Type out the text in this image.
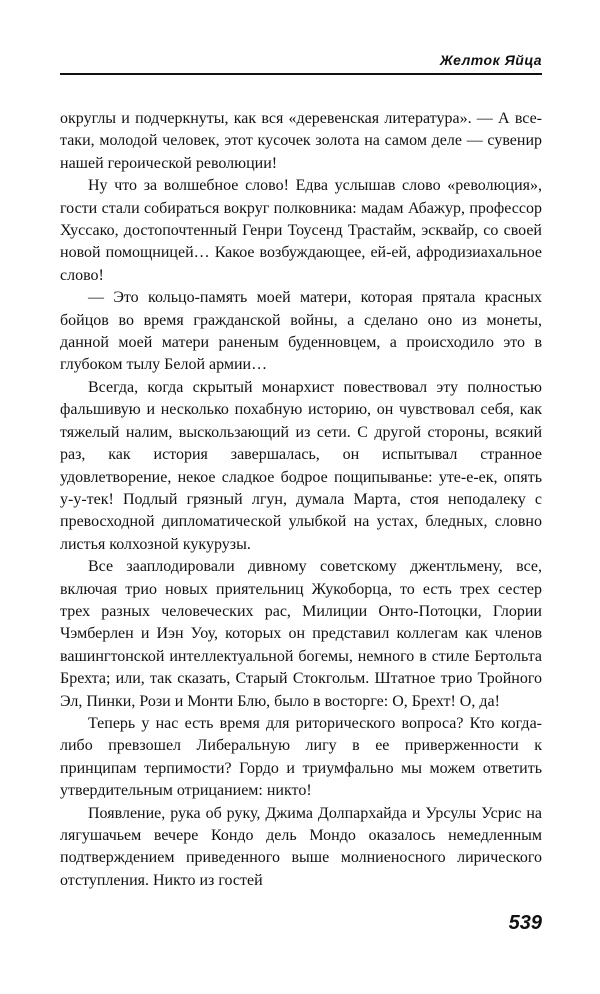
Желток Яйца

округлы и подчеркнуты, как вся «деревенская литература». — А все-таки, молодой человек, этот кусочек золота на самом деле — сувенир нашей героической революции!

Ну что за волшебное слово! Едва услышав слово «революция», гости стали собираться вокруг полковника: мадам Абажур, профессор Хуссако, достопочтенный Генри Тоусенд Трастайм, эсквайр, со своей новой помощницей… Какое возбуждающее, ей-ей, афродизиахальное слово!

— Это кольцо-память моей матери, которая прятала красных бойцов во время гражданской войны, а сделано оно из монеты, данной моей матери раненым буденновцем, а происходило это в глубоком тылу Белой армии…

Всегда, когда скрытый монархист повествовал эту полностью фальшивую и несколько похабную историю, он чувствовал себя, как тяжелый налим, выскользающий из сети. С другой стороны, всякий раз, как история завершалась, он испытывал странное удовлетворение, некое сладкое бодрое пощипываньe: уте-е-ек, опять у-у-тек! Подлый грязный лгун, думала Марта, стоя неподалеку с превосходной дипломатической улыбкой на устах, бледных, словно листья колхозной кукурузы.

Все зааплодировали дивному советскому джентльмену, все, включая трио новых приятельниц Жукоборца, то есть трех сестер трех разных человеческих рас, Милиции Онто-Потоцки, Глории Чэмберлен и Иэн Уоу, которых он представил коллегам как членов вашингтонской интеллектуальной богемы, немного в стиле Бертольта Брехта; или, так сказать, Старый Стокгольм. Штатное трио Тройного Эл, Пинки, Рози и Монти Блю, было в восторге: О, Брехт! О, да!

Теперь у нас есть время для риторического вопроса? Кто когда-либо превзошел Либеральную лигу в ее приверженности к принципам терпимости? Гордо и триумфально мы можем ответить утвердительным отрицанием: никто!

Появление, рука об руку, Джима Долпархайда и Урсулы Усрис на лягушачьем вечере Кондо дель Мондо оказалось немедленным подтверждением приведенного выше молниеносного лирического отступления. Никто из гостей

539
